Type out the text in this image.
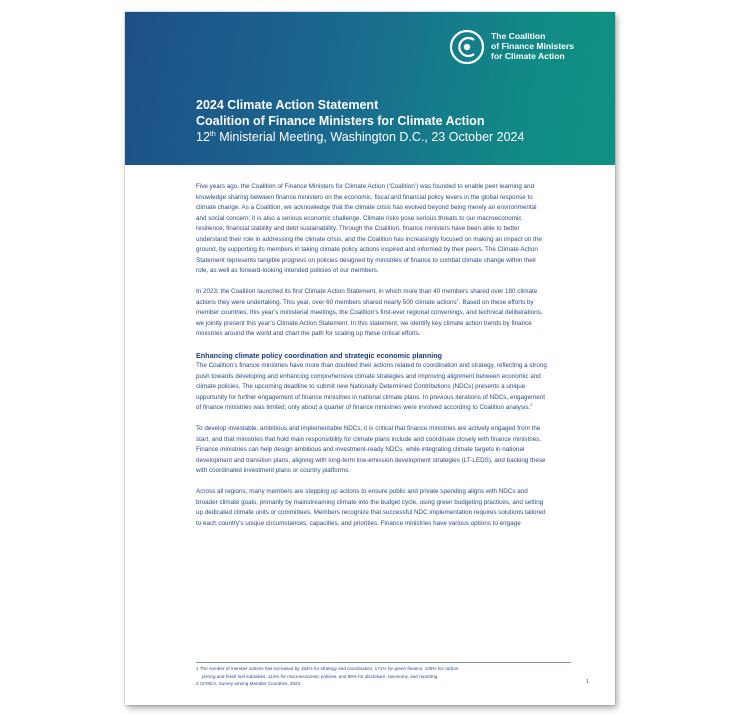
The Coalition
of Finance Ministers
for Climate Action
2024 Climate Action Statement
Coalition of Finance Ministers for Climate Action
12th Ministerial Meeting, Washington D.C., 23 October 2024

Five years ago, the Coalition of Finance Ministers for Climate Action (‘Coalition’) was founded to enable peer learning and knowledge sharing between finance ministers on the economic, fiscal and financial policy levers in the global response to climate change. As a Coalition, we acknowledge that the climate crisis has evolved beyond being merely an environmental and social concern; it is also a serious economic challenge. Climate risks pose serious threats to our macroeconomic resilience, financial stability and debt sustainability. Through the Coalition, finance ministers have been able to better understand their role in addressing the climate crisis, and the Coalition has increasingly focused on making an impact on the ground, by supporting its members in taking climate policy actions inspired and informed by their peers. The Climate Action Statement represents tangible progress on policies designed by ministries of finance to combat climate change within their role, as well as forward-looking intended policies of our members.

In 2023, the Coalition launched its first Climate Action Statement, in which more than 40 members shared over 180 climate actions they were undertaking. This year, over 60 members shared nearly 500 climate actions$^1$. Based on these efforts by member countries, this year’s ministerial meetings, the Coalition’s first-ever regional convenings, and technical deliberations, we jointly present this year’s Climate Action Statement. In this statement, we identify key climate action trends by finance ministries around the world and chart the path for scaling up these critical efforts.

Enhancing climate policy coordination and strategic economic planning

The Coalition’s finance ministries have more than doubled their actions related to coordination and strategy, reflecting a strong push towards developing and enhancing comprehensive climate strategies and improving alignment between economic and climate policies. The upcoming deadline to submit new Nationally Determined Contributions (NDCs) presents a unique opportunity for further engagement of finance ministries in national climate plans. In previous iterations of NDCs, engagement of finance ministries was limited; only about a quarter of finance ministries were involved according to Coalition analysis.$^2$

To develop investable, ambitious and implementable NDCs, it is critical that finance ministries are actively engaged from the start, and that ministries that hold main responsibility for climate plans include and coordinate closely with finance ministries. Finance ministries can help design ambitious and investment-ready NDCs, while integrating climate targets in national development and transition plans, aligning with long-term low-emission development strategies (LT-LEDS), and backing these with coordinated investment plans or country platforms.

Across all regions, many members are stepping up actions to ensure public and private spending aligns with NDCs and broader climate goals, primarily by mainstreaming climate into the budget cycle, using green budgeting practices, and setting up dedicated climate units or committees. Members recognize that successful NDC implementation requires solutions tailored to each country’s unique circumstances, capacities, and priorities. Finance ministries have various options to engage

1 The number of member actions has increased by 154% for strategy and coordination, 171% for green finance, 136% for carbon
pricing and fossil fuel subsidies, 114% for macroeconomic policies, and 88% for disclosure, taxonomy, and reporting.
2 CFMCA, Survey among Member Countries, 2022.	1
